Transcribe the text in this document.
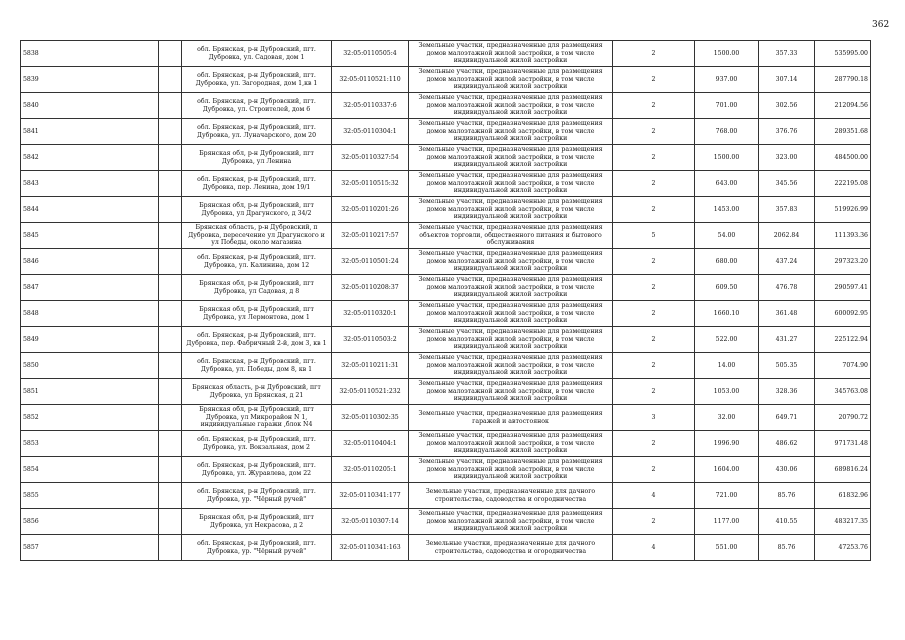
362
5838		обл. Брянская, р-н Дубровский, пгт. Дубровка, ул. Садовая, дом 1	32:05:0110505:4	Земельные участки, предназначенные для размещения домов малоэтажной жилой застройки, в том числе индивидуальной жилой застройки	2	1500.00	357.33	535995.00
5839		обл. Брянская, р-н Дубровский, пгт. Дубровка, ул. Загородная, дом 1,кв 1	32:05:0110521:110	Земельные участки, предназначенные для размещения домов малоэтажной жилой застройки, в том числе индивидуальной жилой застройки	2	937.00	307.14	287790.18
5840		обл. Брянская, р-н Дубровский, пгт. Дубровка, ул. Строителей, дом 6	32:05:0110337:6	Земельные участки, предназначенные для размещения домов малоэтажной жилой застройки, в том числе индивидуальной жилой застройки	2	701.00	302.56	212094.56
5841		обл. Брянская, р-н Дубровский, пгт. Дубровка, ул. Луначарского, дом 20	32:05:0110304:1	Земельные участки, предназначенные для размещения домов малоэтажной жилой застройки, в том числе индивидуальной жилой застройки	2	768.00	376.76	289351.68
5842		Брянская обл, р-н Дубровский, пгт Дубровка, ул Ленина	32:05:0110327:54	Земельные участки, предназначенные для размещения домов малоэтажной жилой застройки, в том числе индивидуальной жилой застройки	2	1500.00	323.00	484500.00
5843		обл. Брянская, р-н Дубровский, пгт. Дубровка, пер. Ленина, дом 19/1	32:05:0110515:32	Земельные участки, предназначенные для размещения домов малоэтажной жилой застройки, в том числе индивидуальной жилой застройки	2	643.00	345.56	222195.08
5844		Брянская обл, р-н Дубровский, пгт Дубровка, ул Драгунского, д 34/2	32:05:0110201:26	Земельные участки, предназначенные для размещения домов малоэтажной жилой застройки, в том числе индивидуальной жилой застройки	2	1453.00	357.83	519926.99
5845		Брянская область, р-н Дубровский, п Дубровка, пересечение ул Драгунского и ул Победы, около магазина	32:05:0110217:57	Земельные участки, предназначенные для размещения объектов торговли, общественного питания и бытового обслуживания	5	54.00	2062.84	111393.36
5846		обл. Брянская, р-н Дубровский, пгт. Дубровка, ул. Калинина, дом 12	32:05:0110501:24	Земельные участки, предназначенные для размещения домов малоэтажной жилой застройки, в том числе индивидуальной жилой застройки	2	680.00	437.24	297323.20
5847		Брянская обл, р-н Дубровский, пгт Дубровка, ул Садовая, д 8	32:05:0110208:37	Земельные участки, предназначенные для размещения домов малоэтажной жилой застройки, в том числе индивидуальной жилой застройки	2	609.50	476.78	290597.41
5848		Брянская обл, р-н Дубровский, пгт Дубровка, ул Лермонтова, дом 1	32:05:0110320:1	Земельные участки, предназначенные для размещения домов малоэтажной жилой застройки, в том числе индивидуальной жилой застройки	2	1660.10	361.48	600092.95
5849		обл. Брянская, р-н Дубровский, пгт. Дубровка, пер. Фабричный 2-й, дом 3, кв 1	32:05:0110503:2	Земельные участки, предназначенные для размещения домов малоэтажной жилой застройки, в том числе индивидуальной жилой застройки	2	522.00	431.27	225122.94
5850		обл. Брянская, р-н Дубровский, пгт. Дубровка, ул. Победы, дом 8, кв 1	32:05:0110211:31	Земельные участки, предназначенные для размещения домов малоэтажной жилой застройки, в том числе индивидуальной жилой застройки	2	14.00	505.35	7074.90
5851		Брянская область, р-н Дубровский, пгт Дубровка, ул Брянская, д 21	32:05:0110521:232	Земельные участки, предназначенные для размещения домов малоэтажной жилой застройки, в том числе индивидуальной жилой застройки	2	1053.00	328.36	345763.08
5852		Брянская обл, р-н Дубровский, пгт Дубровка, ул Микрорайон N 1, индивидуальные гаражи ,блок N4	32:05:0110302:35	Земельные участки, предназначенные для размещения гаражей и автостоянок	3	32.00	649.71	20790.72
5853		обл. Брянская, р-н Дубровский, пгт. Дубровка, ул. Вокзальная, дом 2	32:05:0110404:1	Земельные участки, предназначенные для размещения домов малоэтажной жилой застройки, в том числе индивидуальной жилой застройки	2	1996.90	486.62	971731.48
5854		обл. Брянская, р-н Дубровский, пгт. Дубровка, ул. Журавлева, дом 22	32:05:0110205:1	Земельные участки, предназначенные для размещения домов малоэтажной жилой застройки, в том числе индивидуальной жилой застройки	2	1604.00	430.06	689816.24
5855		обл. Брянская, р-н Дубровский, пгт. Дубровка, ур. "Чёрный ручей"	32:05:0110341:177	Земельные участки, предназначенные для дачного строительства, садоводства и огородничества	4	721.00	85.76	61832.96
5856		Брянская обл, р-н Дубровский, пгт Дубровка, ул Некрасова, д 2	32:05:0110307:14	Земельные участки, предназначенные для размещения домов малоэтажной жилой застройки, в том числе индивидуальной жилой застройки	2	1177.00	410.55	483217.35
5857		обл. Брянская, р-н Дубровский, пгт. Дубровка, ур. "Чёрный ручей"	32:05:0110341:163	Земельные участки, предназначенные для дачного строительства, садоводства и огородничества	4	551.00	85.76	47253.76
